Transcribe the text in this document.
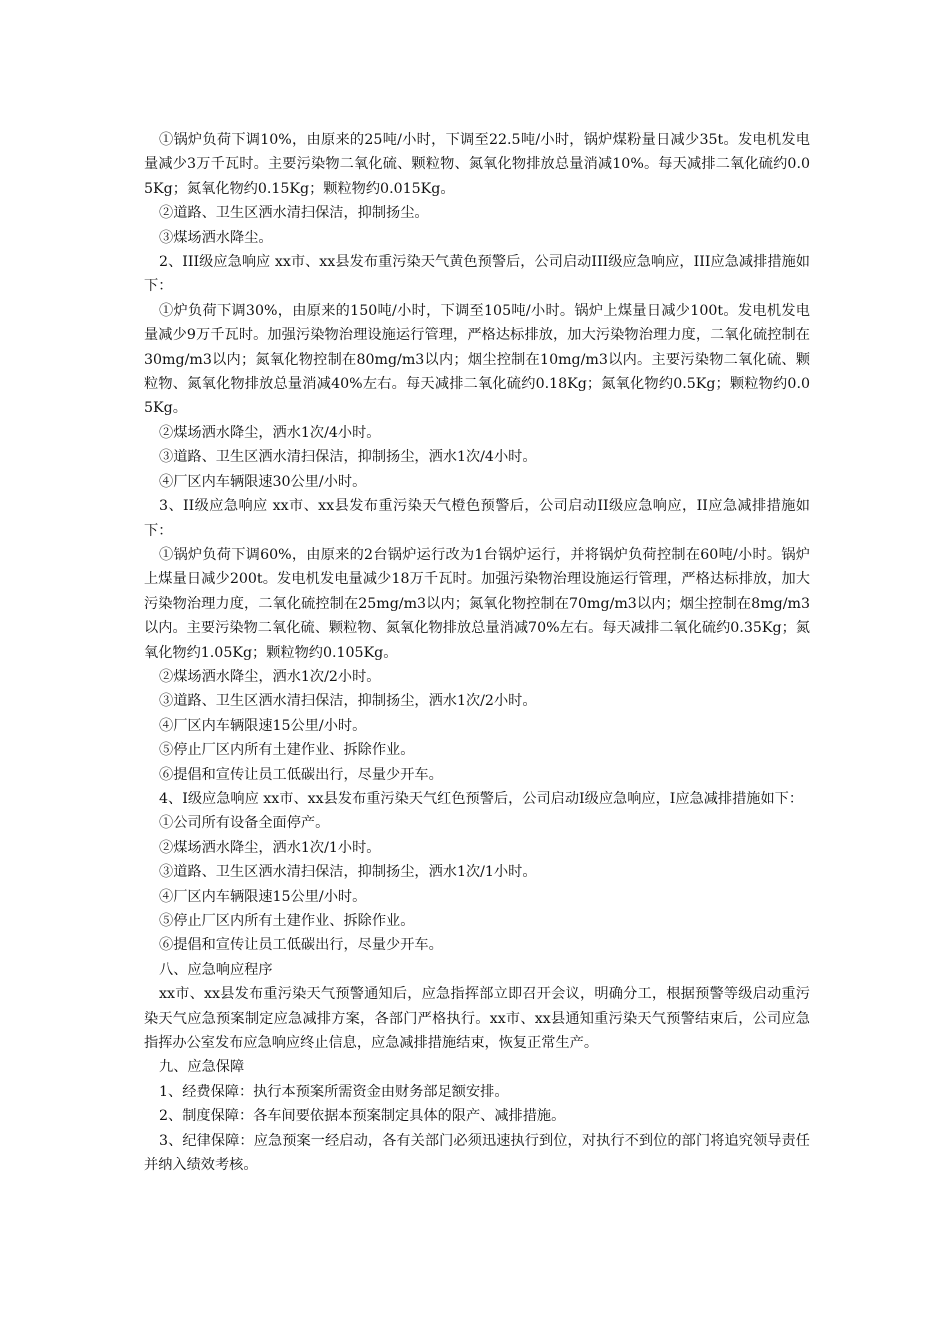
①锅炉负荷下调10%，由原来的25吨/小时，下调至22.5吨/小时，锅炉煤粉量日减少35t。发电机发电量减少3万千瓦时。主要污染物二氧化硫、颗粒物、氮氧化物排放总量消减10%。每天减排二氧化硫约0.05Kg；氮氧化物约0.15Kg；颗粒物约0.015Kg。

②道路、卫生区洒水清扫保洁，抑制扬尘。

③煤场洒水降尘。

2、III级应急响应 xx市、xx县发布重污染天气黄色预警后，公司启动III级应急响应，III应急减排措施如下：

①炉负荷下调30%，由原来的150吨/小时，下调至105吨/小时。锅炉上煤量日减少100t。发电机发电量减少9万千瓦时。加强污染物治理设施运行管理，严格达标排放，加大污染物治理力度，二氧化硫控制在30mg/m3以内；氮氧化物控制在80mg/m3以内；烟尘控制在10mg/m3以内。主要污染物二氧化硫、颗粒物、氮氧化物排放总量消减40%左右。每天减排二氧化硫约0.18Kg；氮氧化物约0.5Kg；颗粒物约0.05Kg。

②煤场洒水降尘，洒水1次/4小时。

③道路、卫生区洒水清扫保洁，抑制扬尘，洒水1次/4小时。

④厂区内车辆限速30公里/小时。

3、II级应急响应 xx市、xx县发布重污染天气橙色预警后，公司启动II级应急响应，II应急减排措施如下：

①锅炉负荷下调60%，由原来的2台锅炉运行改为1台锅炉运行，并将锅炉负荷控制在60吨/小时。锅炉上煤量日减少200t。发电机发电量减少18万千瓦时。加强污染物治理设施运行管理，严格达标排放，加大污染物治理力度，二氧化硫控制在25mg/m3以内；氮氧化物控制在70mg/m3以内；烟尘控制在8mg/m3以内。主要污染物二氧化硫、颗粒物、氮氧化物排放总量消减70%左右。每天减排二氧化硫约0.35Kg；氮氧化物约1.05Kg；颗粒物约0.105Kg。

②煤场洒水降尘，洒水1次/2小时。

③道路、卫生区洒水清扫保洁，抑制扬尘，洒水1次/2小时。

④厂区内车辆限速15公里/小时。

⑤停止厂区内所有土建作业、拆除作业。

⑥提倡和宣传让员工低碳出行，尽量少开车。

4、I级应急响应 xx市、xx县发布重污染天气红色预警后，公司启动I级应急响应，I应急减排措施如下：

①公司所有设备全面停产。

②煤场洒水降尘，洒水1次/1小时。

③道路、卫生区洒水清扫保洁，抑制扬尘，洒水1次/1小时。

④厂区内车辆限速15公里/小时。

⑤停止厂区内所有土建作业、拆除作业。

⑥提倡和宣传让员工低碳出行，尽量少开车。

八、应急响应程序

xx市、xx县发布重污染天气预警通知后，应急指挥部立即召开会议，明确分工，根据预警等级启动重污染天气应急预案制定应急减排方案，各部门严格执行。xx市、xx县通知重污染天气预警结束后，公司应急指挥办公室发布应急响应终止信息，应急减排措施结束，恢复正常生产。

九、应急保障

1、经费保障：执行本预案所需资金由财务部足额安排。

2、制度保障：各车间要依据本预案制定具体的限产、减排措施。

3、纪律保障：应急预案一经启动，各有关部门必须迅速执行到位，对执行不到位的部门将追究领导责任并纳入绩效考核。
